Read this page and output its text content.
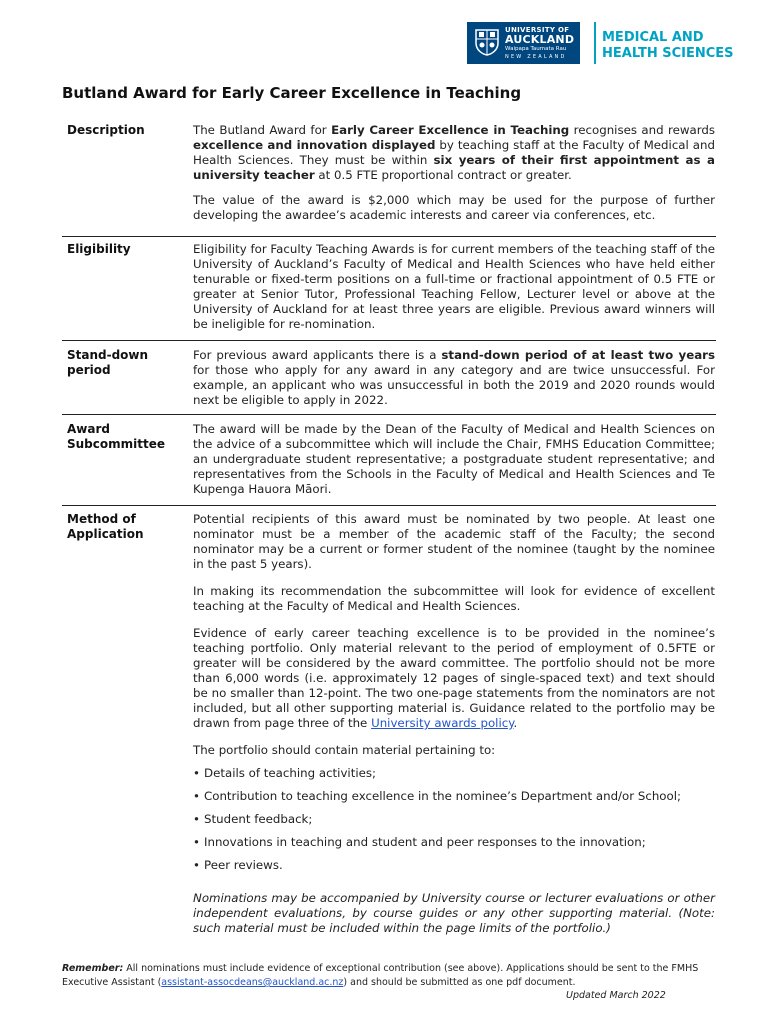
UNIVERSITY OF
AUCKLAND
Waipapa Taumata Rau
NEW ZEALAND
MEDICAL AND HEALTH SCIENCES
Butland Award for Early Career Excellence in Teaching
Description	The Butland Award for Early Career Excellence in Teaching recognises and rewards excellence and innovation displayed by teaching staff at the Faculty of Medical and Health Sciences. They must be within six years of their first appointment as a university teacher at 0.5 FTE proportional contract or greater.

The value of the award is $2,000 which may be used for the purpose of further developing the awardee’s academic interests and career via conferences, etc.

Eligibility	Eligibility for Faculty Teaching Awards is for current members of the teaching staff of the University of Auckland’s Faculty of Medical and Health Sciences who have held either tenurable or fixed-term positions on a full-time or fractional appointment of 0.5 FTE or greater at Senior Tutor, Professional Teaching Fellow, Lecturer level or above at the University of Auckland for at least three years are eligible. Previous award winners will be ineligible for re-nomination.

Stand-down period

For previous award applicants there is a stand-down period of at least two years for those who apply for any award in any category and are twice unsuccessful. For example, an applicant who was unsuccessful in both the 2019 and 2020 rounds would next be eligible to apply in 2022.

Award Subcommittee

The award will be made by the Dean of the Faculty of Medical and Health Sciences on the advice of a subcommittee which will include the Chair, FMHS Education Committee; an undergraduate student representative; a postgraduate student representative; and representatives from the Schools in the Faculty of Medical and Health Sciences and Te Kupenga Hauora Māori.

Method of Application

Potential recipients of this award must be nominated by two people. At least one nominator must be a member of the academic staff of the Faculty; the second nominator may be a current or former student of the nominee (taught by the nominee in the past 5 years).

In making its recommendation the subcommittee will look for evidence of excellent teaching at the Faculty of Medical and Health Sciences.

Evidence of early career teaching excellence is to be provided in the nominee’s teaching portfolio. Only material relevant to the period of employment of 0.5FTE or greater will be considered by the award committee. The portfolio should not be more than 6,000 words (i.e. approximately 12 pages of single-spaced text) and text should be no smaller than 12-point. The two one-page statements from the nominators are not included, but all other supporting material is. Guidance related to the portfolio may be drawn from page three of the University awards policy.

The portfolio should contain material pertaining to:

• Details of teaching activities;
• Contribution to teaching excellence in the nominee’s Department and/or School;
• Student feedback;
• Innovations in teaching and student and peer responses to the innovation;
• Peer reviews.

Nominations may be accompanied by University course or lecturer evaluations or other independent evaluations, by course guides or any other supporting material. (Note: such material must be included within the page limits of the portfolio.)

Remember: All nominations must include evidence of exceptional contribution (see above). Applications should be sent to the FMHS Executive Assistant (assistant-assocdeans@auckland.ac.nz) and should be submitted as one pdf document.
Updated March 2022
